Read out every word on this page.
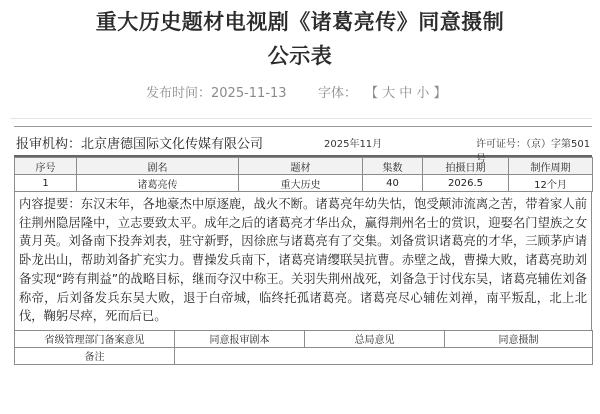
重大历史题材电视剧《诸葛亮传》同意摄制
公示表
发布时间：2025-11-13 字体： 【 大 中 小 】
报审机构：北京唐德国际文化传媒有限公司	2025年11月	许可证号：（京）字第501号
序号	剧名	题材	集数	拍摄日期	制作周期
1	诸葛亮传	重大历史	40	2026.5	12个月
内容提要：东汉末年，各地豪杰中原逐鹿，战火不断。诸葛亮年幼失怙，饱受颠沛流离之苦，带着家人前往荆州隐居隆中，立志要致太平。成年之后的诸葛亮才华出众，赢得荆州名士的赏识，迎娶名门望族之女黄月英。刘备南下投奔刘表，驻守新野，因徐庶与诸葛亮有了交集。刘备赏识诸葛亮的才华，三顾茅庐请卧龙出山，帮助刘备扩充实力。曹操发兵南下，诸葛亮请缨联吴抗曹。赤壁之战，曹操大败，诸葛亮助刘备实现“跨有荆益”的战略目标，继而夺汉中称王。关羽失荆州战死，刘备急于讨伐东吴，诸葛亮辅佐刘备称帝，后刘备发兵东吴大败，退于白帝城，临终托孤诸葛亮。诸葛亮尽心辅佐刘禅，南平叛乱，北上北伐，鞠躬尽瘁，死而后已。
省级管理部门备案意见	同意报审剧本	总局意见	同意摄制
备注			
